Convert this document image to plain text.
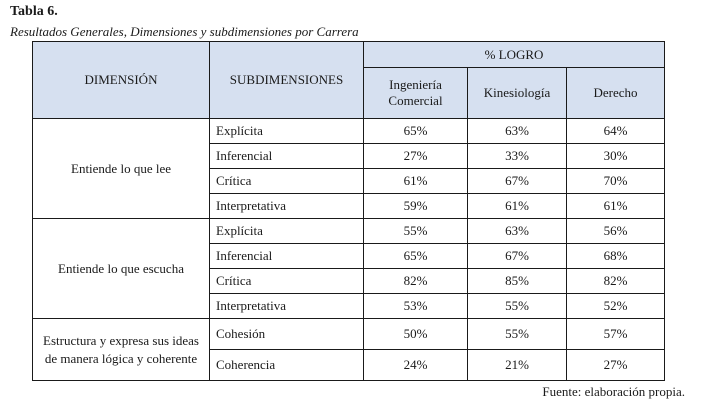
Tabla 6.
Resultados Generales, Dimensiones y subdimensiones por Carrera
DIMENSIÓN	SUBDIMENSIONES	% LOGRO		
		Ingeniería Comercial	Kinesiología	Derecho
Entiende lo que lee	Explícita	65%	63%	64%
	Inferencial	27%	33%	30%
	Crítica	61%	67%	70%
	Interpretativa	59%	61%	61%
Entiende lo que escucha	Explícita	55%	63%	56%
	Inferencial	65%	67%	68%
	Crítica	82%	85%	82%
	Interpretativa	53%	55%	52%
Estructura y expresa sus ideas de manera lógica y coherente	Cohesión	50%	55%	57%
	Coherencia	24%	21%	27%
Fuente: elaboración propia.
